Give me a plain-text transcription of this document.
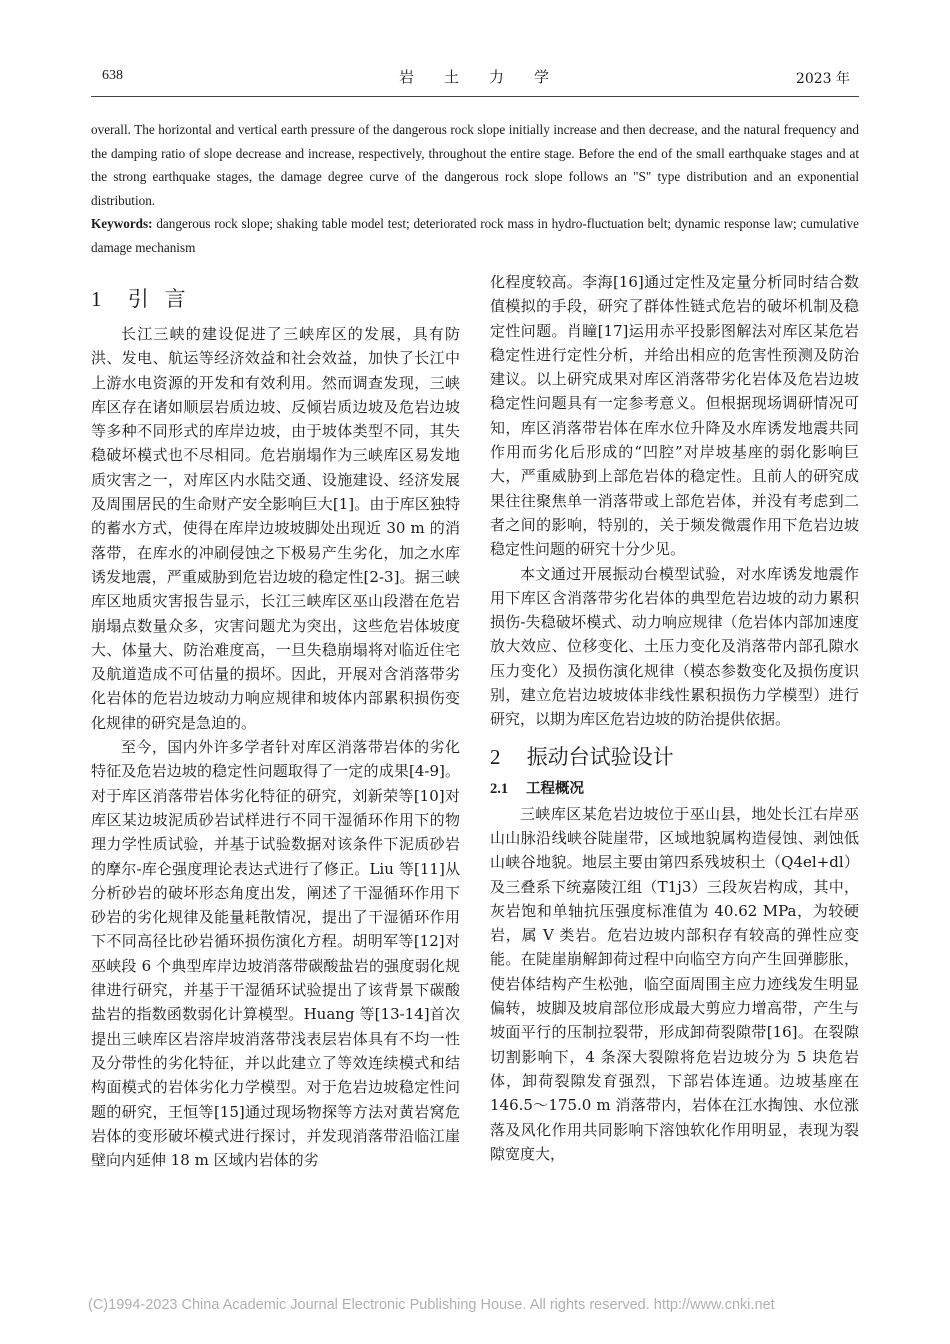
638	岩土力学	2023 年

overall. The horizontal and vertical earth pressure of the dangerous rock slope initially increase and then decrease, and the natural frequency and the damping ratio of slope decrease and increase, respectively, throughout the entire stage. Before the end of the small earthquake stages and at the strong earthquake stages, the damage degree curve of the dangerous rock slope follows an "S" type distribution and an exponential distribution.

Keywords: dangerous rock slope; shaking table model test; deteriorated rock mass in hydro-fluctuation belt; dynamic response law; cumulative damage mechanism

1 引言

长江三峡的建设促进了三峡库区的发展，具有防洪、发电、航运等经济效益和社会效益，加快了长江中上游水电资源的开发和有效利用。然而调查发现，三峡库区存在诸如顺层岩质边坡、反倾岩质边坡及危岩边坡等多种不同形式的库岸边坡，由于坡体类型不同，其失稳破坏模式也不尽相同。危岩崩塌作为三峡库区易发地质灾害之一，对库区内水陆交通、设施建设、经济发展及周围居民的生命财产安全影响巨大[1]。由于库区独特的蓄水方式，使得在库岸边坡坡脚处出现近 30 m 的消落带，在库水的冲刷侵蚀之下极易产生劣化，加之水库诱发地震，严重威胁到危岩边坡的稳定性[2-3]。据三峡库区地质灾害报告显示，长江三峡库区巫山段潜在危岩崩塌点数量众多，灾害问题尤为突出，这些危岩体坡度大、体量大、防治难度高，一旦失稳崩塌将对临近住宅及航道造成不可估量的损坏。因此，开展对含消落带劣化岩体的危岩边坡动力响应规律和坡体内部累积损伤变化规律的研究是急迫的。

至今，国内外许多学者针对库区消落带岩体的劣化特征及危岩边坡的稳定性问题取得了一定的成果[4-9]。对于库区消落带岩体劣化特征的研究，刘新荣等[10]对库区某边坡泥质砂岩试样进行不同干湿循环作用下的物理力学性质试验，并基于试验数据对该条件下泥质砂岩的摩尔-库仑强度理论表达式进行了修正。Liu 等[11]从分析砂岩的破坏形态角度出发，阐述了干湿循环作用下砂岩的劣化规律及能量耗散情况，提出了干湿循环作用下不同高径比砂岩循环损伤演化方程。胡明军等[12]对巫峡段 6 个典型库岸边坡消落带碳酸盐岩的强度弱化规律进行研究，并基于干湿循环试验提出了该背景下碳酸盐岩的指数函数弱化计算模型。Huang 等[13-14]首次提出三峡库区岩溶岸坡消落带浅表层岩体具有不均一性及分带性的劣化特征，并以此建立了等效连续模式和结构面模式的岩体劣化力学模型。对于危岩边坡稳定性问题的研究，王恒等[15]通过现场物探等方法对黄岩窝危岩体的变形破坏模式进行探讨，并发现消落带沿临江崖壁向内延伸 18 m 区域内岩体的劣

化程度较高。李海[16]通过定性及定量分析同时结合数值模拟的手段，研究了群体性链式危岩的破坏机制及稳定性问题。肖瞳[17]运用赤平投影图解法对库区某危岩稳定性进行定性分析，并给出相应的危害性预测及防治建议。以上研究成果对库区消落带劣化岩体及危岩边坡稳定性问题具有一定参考意义。但根据现场调研情况可知，库区消落带岩体在库水位升降及水库诱发地震共同作用而劣化后形成的“凹腔”对岸坡基座的弱化影响巨大，严重威胁到上部危岩体的稳定性。且前人的研究成果往往聚焦单一消落带或上部危岩体，并没有考虑到二者之间的影响，特别的，关于频发微震作用下危岩边坡稳定性问题的研究十分少见。

本文通过开展振动台模型试验，对水库诱发地震作用下库区含消落带劣化岩体的典型危岩边坡的动力累积损伤-失稳破坏模式、动力响应规律（危岩体内部加速度放大效应、位移变化、土压力变化及消落带内部孔隙水压力变化）及损伤演化规律（模态参数变化及损伤度识别，建立危岩边坡坡体非线性累积损伤力学模型）进行研究，以期为库区危岩边坡的防治提供依据。

2 振动台试验设计
2.1 工程概况

三峡库区某危岩边坡位于巫山县，地处长江右岸巫山山脉沿线峡谷陡崖带，区域地貌属构造侵蚀、剥蚀低山峡谷地貌。地层主要由第四系残坡积土（Q4el+dl）及三叠系下统嘉陵江组（T1j3）三段灰岩构成，其中，灰岩饱和单轴抗压强度标准值为 40.62 MPa，为较硬岩，属 V 类岩。危岩边坡内部积存有较高的弹性应变能。在陡崖崩解卸荷过程中向临空方向产生回弹膨胀，使岩体结构产生松弛，临空面周围主应力迹线发生明显偏转，坡脚及坡肩部位形成最大剪应力增高带，产生与坡面平行的压制拉裂带，形成卸荷裂隙带[16]。在裂隙切割影响下，4 条深大裂隙将危岩边坡分为 5 块危岩体，卸荷裂隙发育强烈，下部岩体连通。边坡基座在 146.5～175.0 m 消落带内，岩体在江水掏蚀、水位涨落及风化作用共同影响下溶蚀软化作用明显，表现为裂隙宽度大，

(C)1994-2023 China Academic Journal Electronic Publishing House. All rights reserved. http://www.cnki.net
